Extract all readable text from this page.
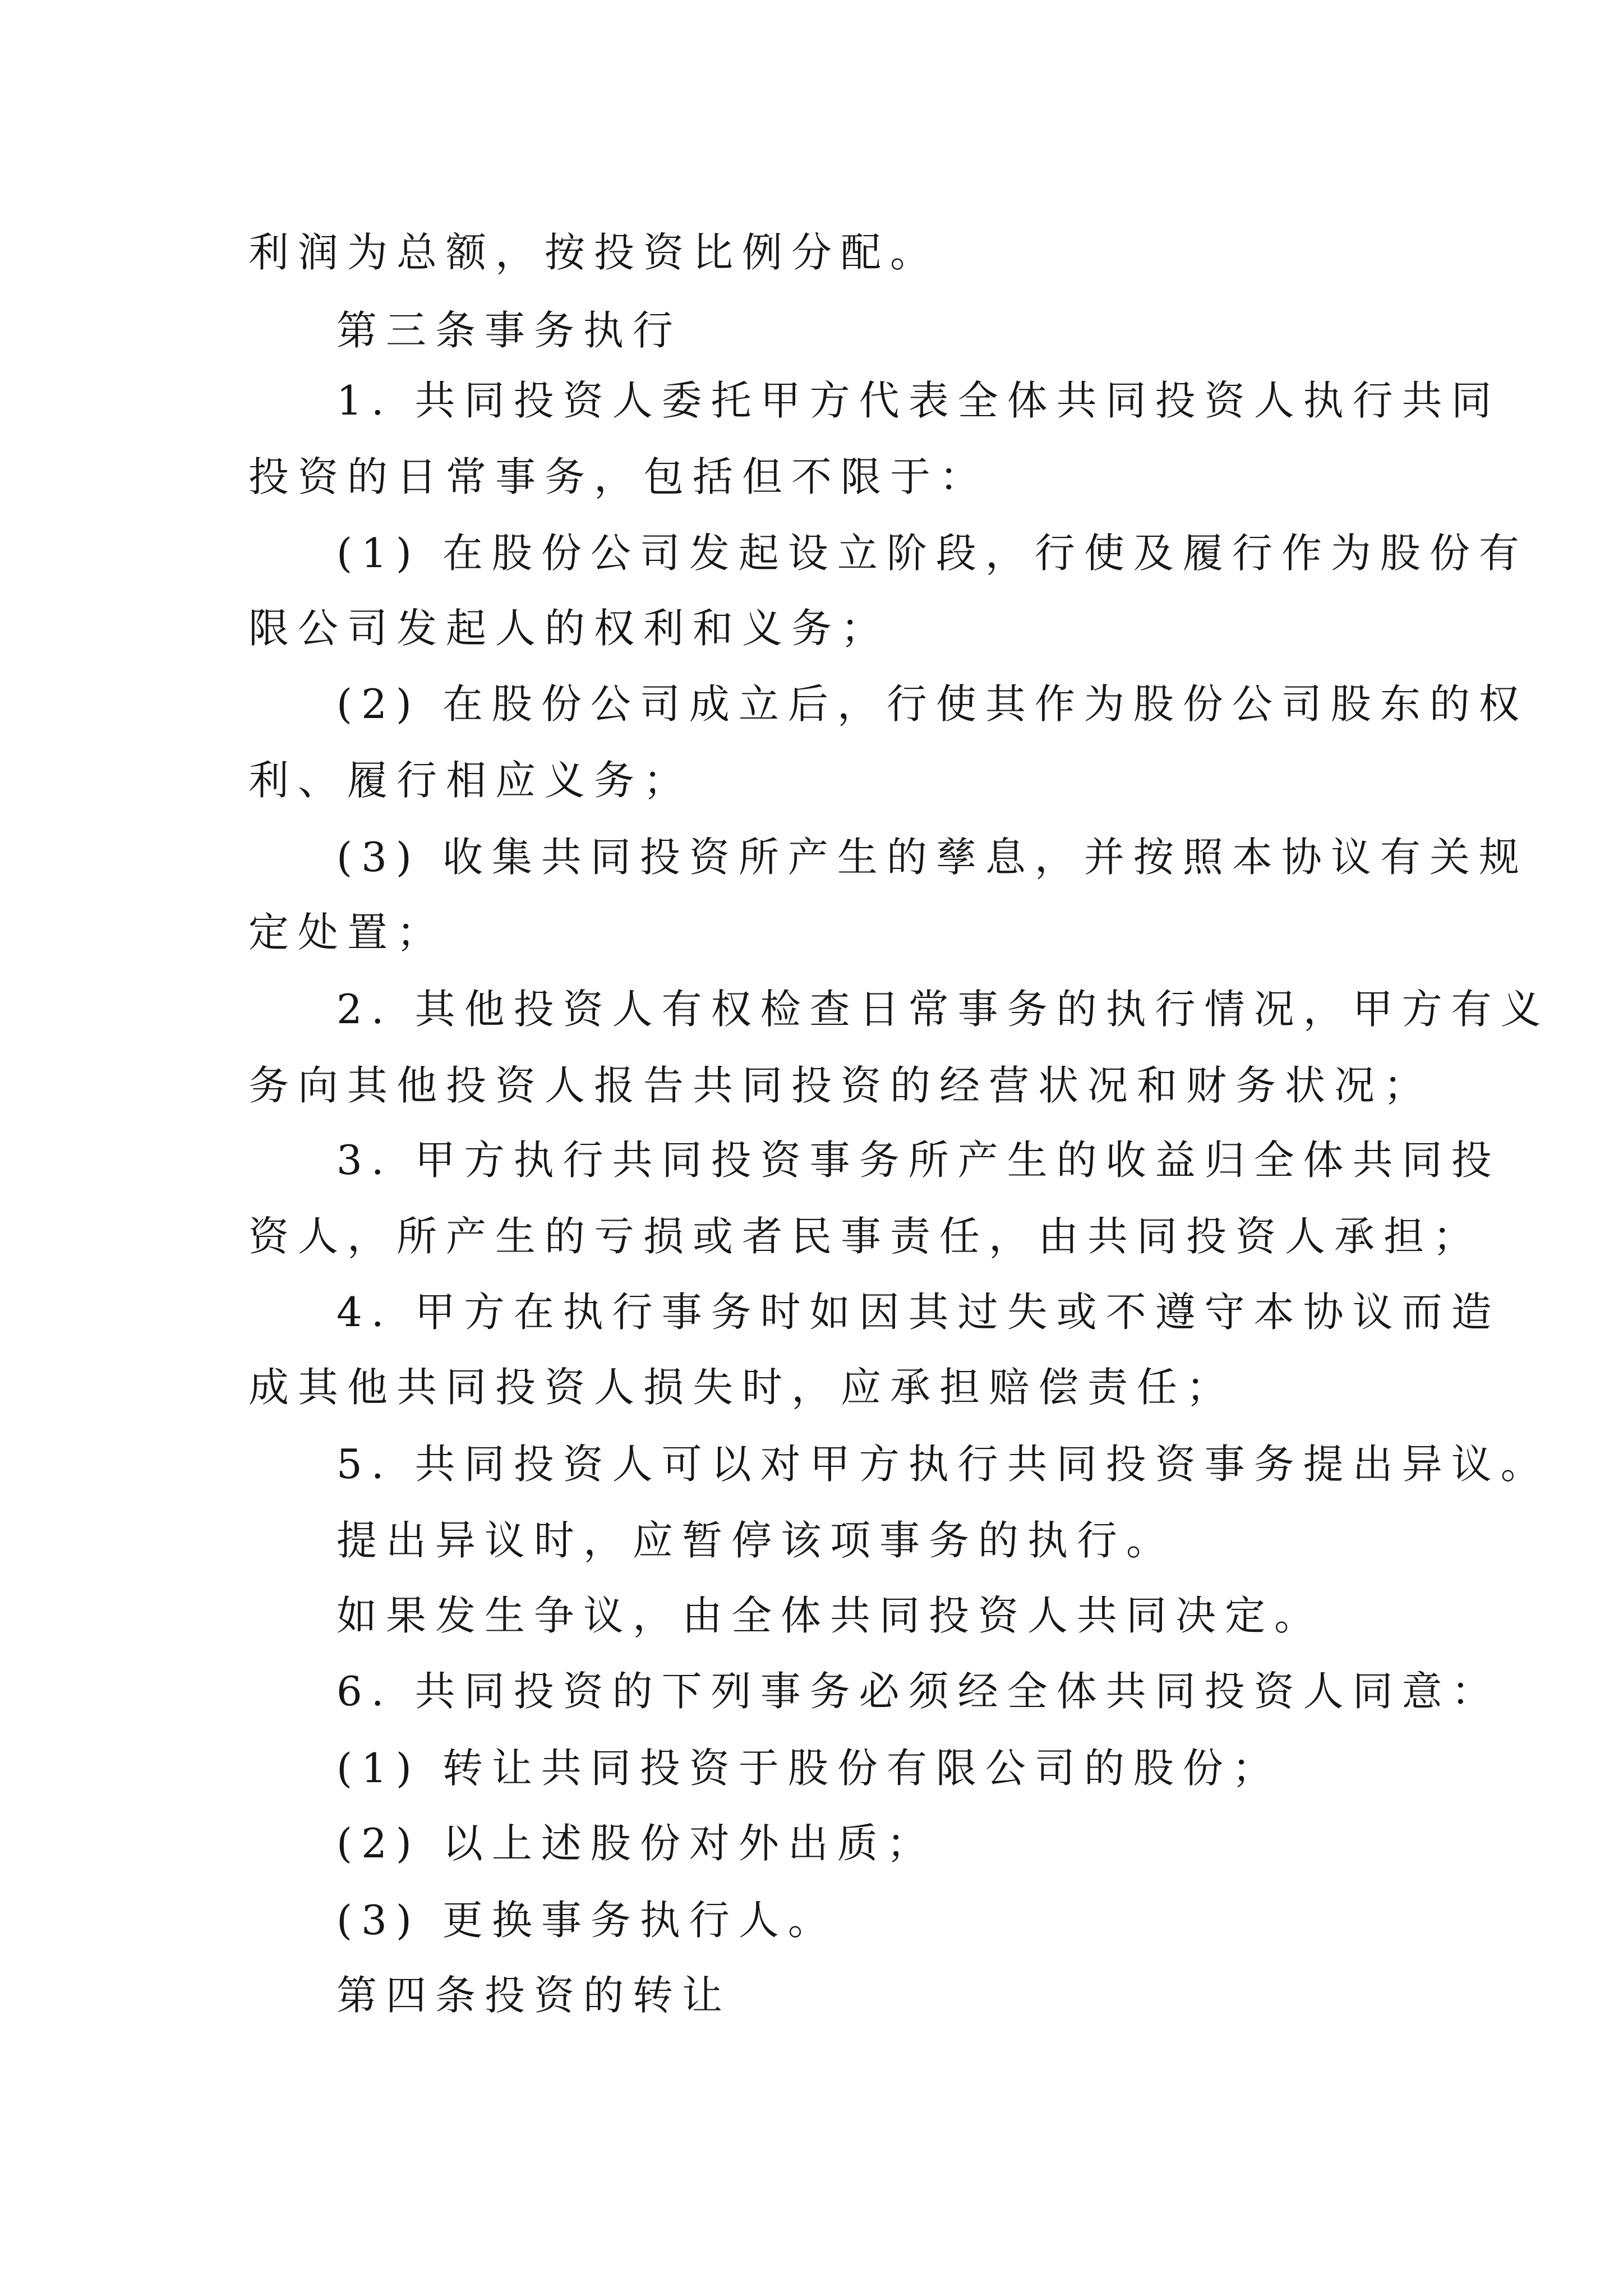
利润为总额，按投资比例分配。
第三条事务执行
1. 共同投资人委托甲方代表全体共同投资人执行共同
投资的日常事务，包括但不限于：
(1) 在股份公司发起设立阶段，行使及履行作为股份有
限公司发起人的权利和义务；
(2) 在股份公司成立后，行使其作为股份公司股东的权
利、履行相应义务；
(3) 收集共同投资所产生的孳息，并按照本协议有关规
定处置；
2. 其他投资人有权检查日常事务的执行情况，甲方有义
务向其他投资人报告共同投资的经营状况和财务状况；
3. 甲方执行共同投资事务所产生的收益归全体共同投
资人，所产生的亏损或者民事责任，由共同投资人承担；
4. 甲方在执行事务时如因其过失或不遵守本协议而造
成其他共同投资人损失时，应承担赔偿责任；
5. 共同投资人可以对甲方执行共同投资事务提出异议。
提出异议时，应暂停该项事务的执行。
如果发生争议，由全体共同投资人共同决定。
6. 共同投资的下列事务必须经全体共同投资人同意：
(1) 转让共同投资于股份有限公司的股份；
(2) 以上述股份对外出质；
(3) 更换事务执行人。
第四条投资的转让
